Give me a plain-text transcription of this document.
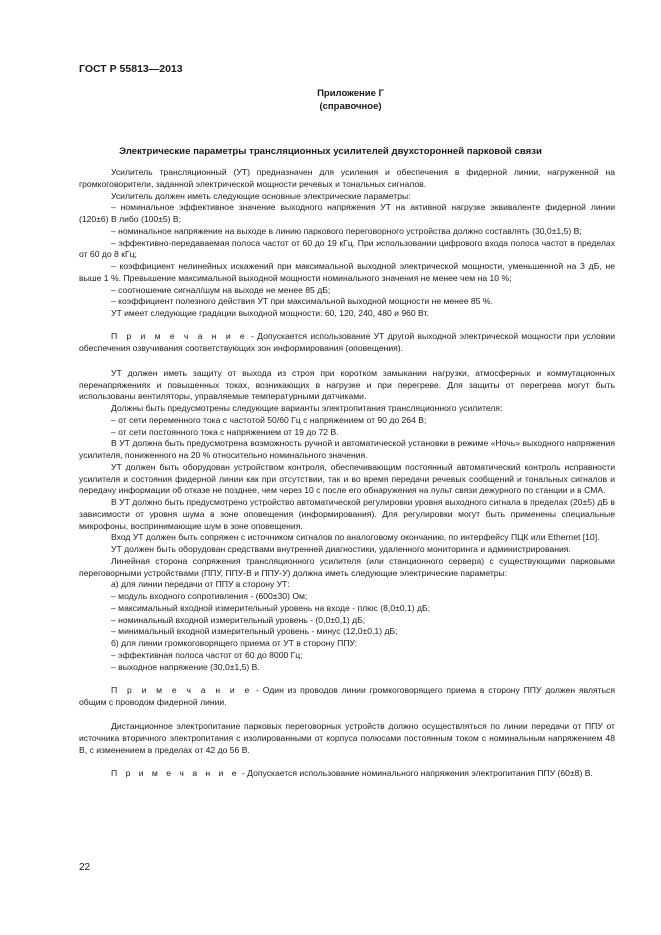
ГОСТ Р 55813—2013
Приложение Г
(справочное)
Электрические параметры трансляционных усилителей двухсторонней парковой связи

Усилитель трансляционный (УТ) предназначен для усиления и обеспечения в фидерной линии, нагруженной на громкоговорители, заданной электрической мощности речевых и тональных сигналов.

Усилитель должен иметь следующие основные электрические параметры:

– номинальное эффективное значение выходного напряжения УТ на активной нагрузке эквиваленте фидерной линии (120±6) В либо (100±5) В;

– номинальное напряжение на выходе в линию паркового переговорного устройства должно составлять (30,0±1,5) В;

– эффективно-передаваемая полоса частот от 60 до 19 кГц. При использовании цифрового входа полоса частот в пределах от 60 до 8 кГц;

– коэффициент нелинейных искажений при максимальной выходной электрической мощности, уменьшенной на 3 дБ, не выше 1 %. Превышение максимальной выходной мощности номинального значения не менее чем на 10 %;

– соотношение сигнал/шум на выходе не менее 85 дБ;

– коэффициент полезного действия УТ при максимальной выходной мощности не менее 85 %.

УТ имеет следующие градации выходной мощности: 60, 120, 240, 480 и 960 Вт.

П р и м е ч а н и е - Допускается использование УТ другой выходной электрической мощности при условии обеспечения озвучивания соответствующих зон информирования (оповещения).

УТ должен иметь защиту от выхода из строя при коротком замыкании нагрузки, атмосферных и коммутационных перенапряжениях и повышенных токах, возникающих в нагрузке и при перегреве. Для защиты от перегрева могут быть использованы вентиляторы, управляемые температурными датчиками.

Должны быть предусмотрены следующие варианты электропитания трансляционного усилителя:

– от сети переменного тока с частотой 50/60 Гц с напряжением от 90 до 264 В;

– от сети постоянного тока с напряжением от 19 до 72 В.

В УТ должна быть предусмотрена возможность ручной и автоматической установки в режиме «Ночь» выходного напряжения усилителя, пониженного на 20 % относительно номинального значения.

УТ должен быть оборудован устройством контроля, обеспечивающим постоянный автоматический контроль исправности усилителя и состояния фидерной линии как при отсутствии, так и во время передачи речевых сообщений и тональных сигналов и передачу информации об отказе не позднее, чем через 10 с после его обнаружения на пульт связи дежурного по станции и в СМА.

В УТ должно быть предусмотрено устройство автоматической регулировки уровня выходного сигнала в пределах (20±5) дБ в зависимости от уровня шума в зоне оповещения (информирования). Для регулировки могут быть применены специальные микрофоны, воспринимающие шум в зоне оповещения.

Вход УТ должен быть сопряжен с источником сигналов по аналоговому окончанию, по интерфейсу ПЦК или Ethernet [10].

УТ должен быть оборудован средствами внутренней диагностики, удаленного мониторинга и администрирования.

Линейная сторона сопряжения трансляционного усилителя (или станционного сервера) с существующими парковыми переговорными устройствами (ППУ, ППУ-В и ППУ-У) должна иметь следующие электрические параметры:

а) для линии передачи от ППУ в сторону УТ:

– модуль входного сопротивления - (600±30) Ом;

– максимальный входной измерительный уровень на входе - плюс (8,0±0,1) дБ;

– номинальный входной измерительный уровень - (0,0±0,1) дБ;

– минимальный входной измерительный уровень - минус (12,0±0,1) дБ;

б) для линии громкоговорящего приема от УТ в сторону ППУ:

– эффективная полоса частот от 60 до 8000 Гц;

– выходное напряжение (30,0±1,5) В.

П р и м е ч а н и е - Один из проводов линии громкоговорящего приема в сторону ППУ должен являться общим с проводом фидерной линии.

Дистанционное электропитание парковых переговорных устройств должно осуществляться по линии передачи от ППУ от источника вторичного электропитания с изолированными от корпуса полюсами постоянным током с номинальным напряжением 48 В, с изменением в пределах от 42 до 56 В.

П р и м е ч а н и е - Допускается использование номинального напряжения электропитания ППУ (60±8) В.

22
